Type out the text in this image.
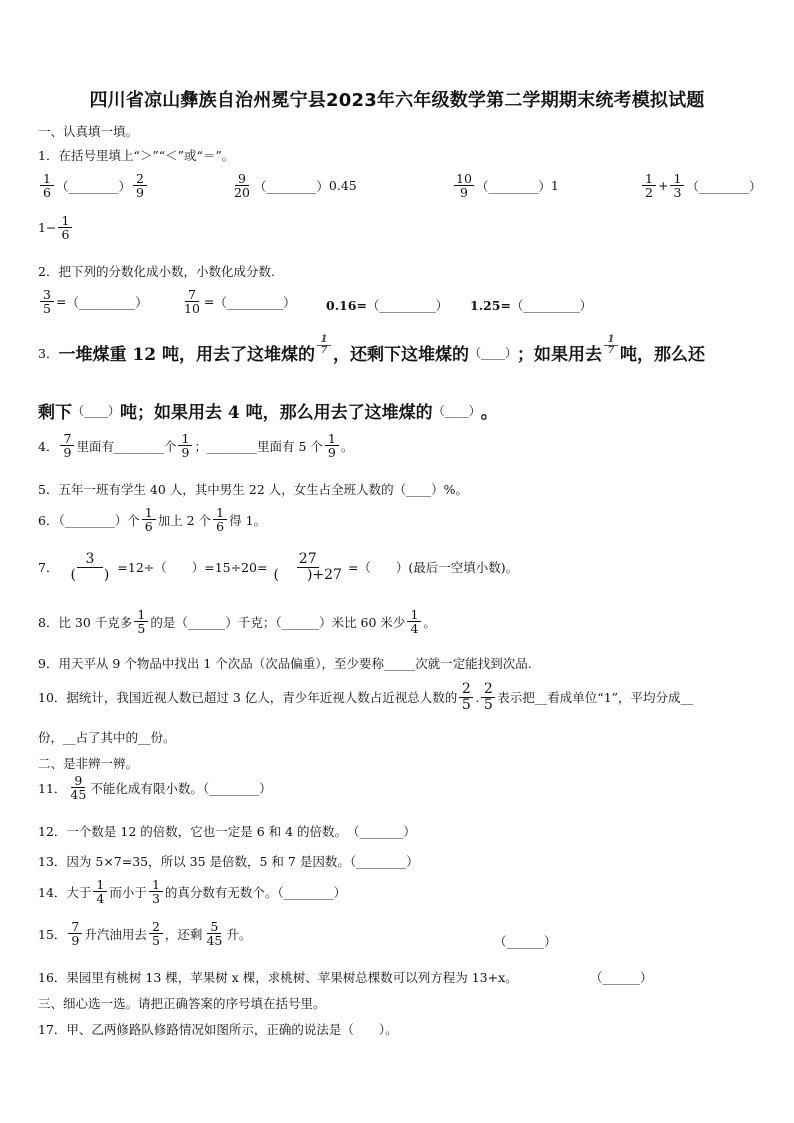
四川省凉山彝族自治州冕宁县2023年六年级数学第二学期期末统考模拟试题
一、认真填一填。
1．在括号里填上“＞”“＜”或“＝”。
$\frac{1}{6}$ （________） $\frac{2}{9}$	$\frac{9}{20}$ （________） 0.45	$\frac{10}{9}$ （________） 1	$\frac{1}{2} + \frac{1}{3}$ （________）
$1- \frac{1}{6}$
2．把下列的分数化成小数，小数化成分数.
$\frac{3}{5}$ = （_________）	$\frac{7}{10}$ = （_________） 0.16= （_________） 1.25= （_________）
3． 一堆煤重 12 吨，用去了这堆煤的 $\frac{1}{7}$ ，还剩下这堆煤的 （____） ；如果用去 $\frac{1}{7}$ 吨，那么还
剩下 （____） 吨；如果用去 4 吨，那么用去了这堆煤的 （____） 。
4． $\frac{7}{9}$ 里面有________个 $\frac{1}{9}$ ；________里面有 5 个 $\frac{1}{9}$ 。
5．五年一班有学生 40 人，其中男生 22 人，女生占全班人数的（____）%。
6．（________）个 $\frac{1}{6}$ 加上 2 个 $\frac{1}{6}$ 得 1。
7． $\frac{3}{( )} =12\div$（　　）$=15\div 20= \frac{27}{( )+27}$ =（　　）(最后一空填小数)。
8．比 30 千克多 $\frac{1}{5}$ 的是（______）千克；（______）米比 60 米少 $\frac{1}{4}$ 。
9．用天平从 9 个物品中找出 1 个次品（次品偏重），至少要称_____次就一定能找到次品.
10．据统计，我国近视人数已超过 3 亿人，青少年近视人数占近视总人数的 $\frac{2}{5}$ . $\frac{2}{5}$ 表示把__看成单位“1”，平均分成__
份，__占了其中的__份。
二、是非辨一辨。
11． $\frac{9}{45}$ 不能化成有限小数。（________）
12．一个数是 12 的倍数，它也一定是 6 和 4 的倍数。　（_______）
13．因为 5×7=35，所以 35 是倍数，5 和 7 是因数。（________）
14．大于 $\frac{1}{4}$ 而小于 $\frac{1}{3}$ 的真分数有无数个。（________）
15． $\frac{7}{9}$ 升汽油用去 $\frac{2}{5}$ ，还剩 $\frac{5}{45}$ 升。	（______）
16．果园里有桃树 13 棵，苹果树 x 棵，求桃树、苹果树总棵数可以列方程为 13+x。	（______）
三、细心选一选。请把正确答案的序号填在括号里。
17．甲、乙两修路队修路情况如图所示，正确的说法是（　　）。
